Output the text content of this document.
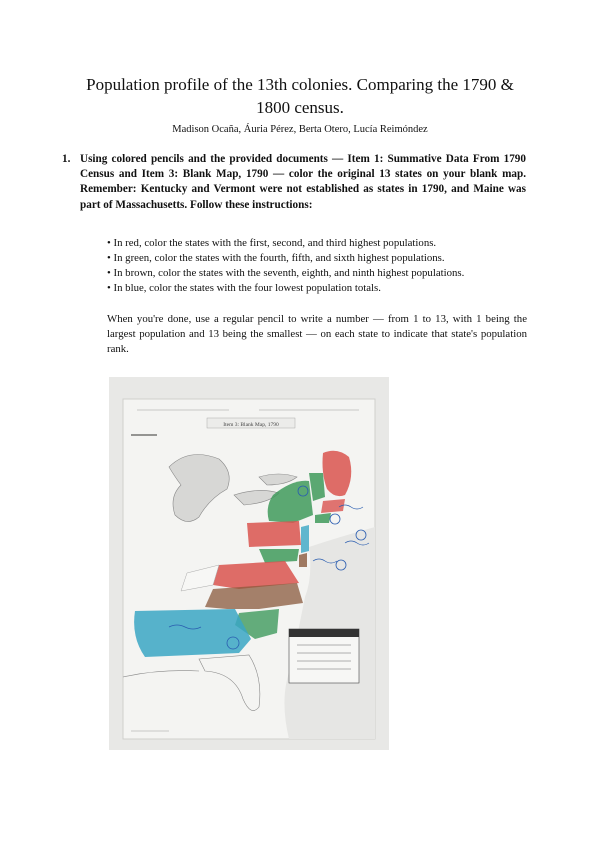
Population profile of the 13th colonies. Comparing the 1790 &
1800 census.
Madison Ocaña, Áuria Pérez, Berta Otero, Lucía Reimóndez
1. Using colored pencils and the provided documents — Item 1: Summative Data From 1790 Census and Item 3: Blank Map, 1790 — color the original 13 states on your blank map. Remember: Kentucky and Vermont were not established as states in 1790, and Maine was part of Massachusetts. Follow these instructions:
• In red, color the states with the first, second, and third highest populations.
• In green, color the states with the fourth, fifth, and sixth highest populations.
• In brown, color the states with the seventh, eighth, and ninth highest populations.
• In blue, color the states with the four lowest population totals.
When you're done, use a regular pencil to write a number — from 1 to 13, with 1 being the largest population and 13 being the smallest — on each state to indicate that state's population rank.
Item 3: Blank Map, 1790
